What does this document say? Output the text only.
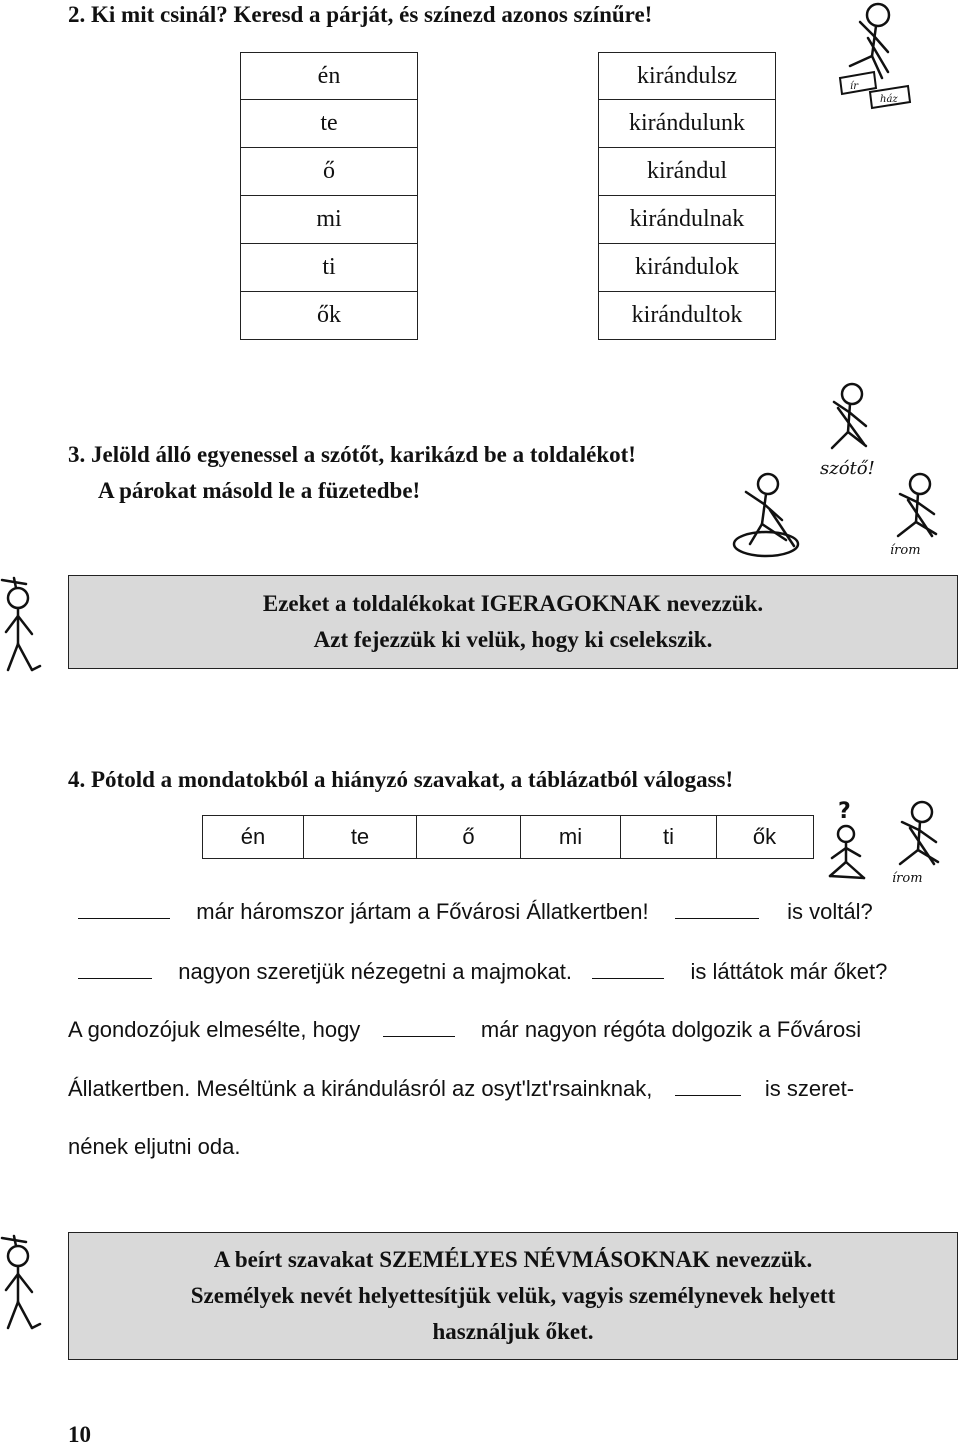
2. Ki mit csinál? Keresd a párját, és színezd azonos színűre!
én
te
ő
mi
ti
ők
kirándulsz
kirándulunk
kirándul
kirándulnak
kirándulok
kirándultok
ír
ház
3. Jelöld álló egyenessel a szótőt, karikázd be a toldalékot!
A párokat másold le a füzetedbe!
szótő!
írom
Ezeket a toldalékokat IGERAGOKNAK nevezzük.
Azt fejezzük ki velük, hogy ki cselekszik.
4. Pótold a mondatokból a hiányzó szavakat, a táblázatból válogass!
én	te	ő	mi	ti	ők
?
írom
már háromszor jártam a Fővárosi Állatkertben!	is voltál?
nagyon szeretjük nézegetni a majmokat.	is láttátok már őket?
A gondozójuk elmesélte, hogy	már nagyon régóta dolgozik a Fővárosi
Állatkertben. Meséltünk a kirándulásról az osyt'lzt'rsainknak,	is szeret-
nének eljutni oda.
A beírt szavakat SZEMÉLYES NÉVMÁSOKNAK nevezzük.
Személyek nevét helyettesítjük velük, vagyis személynevek helyett
használjuk őket.
10
